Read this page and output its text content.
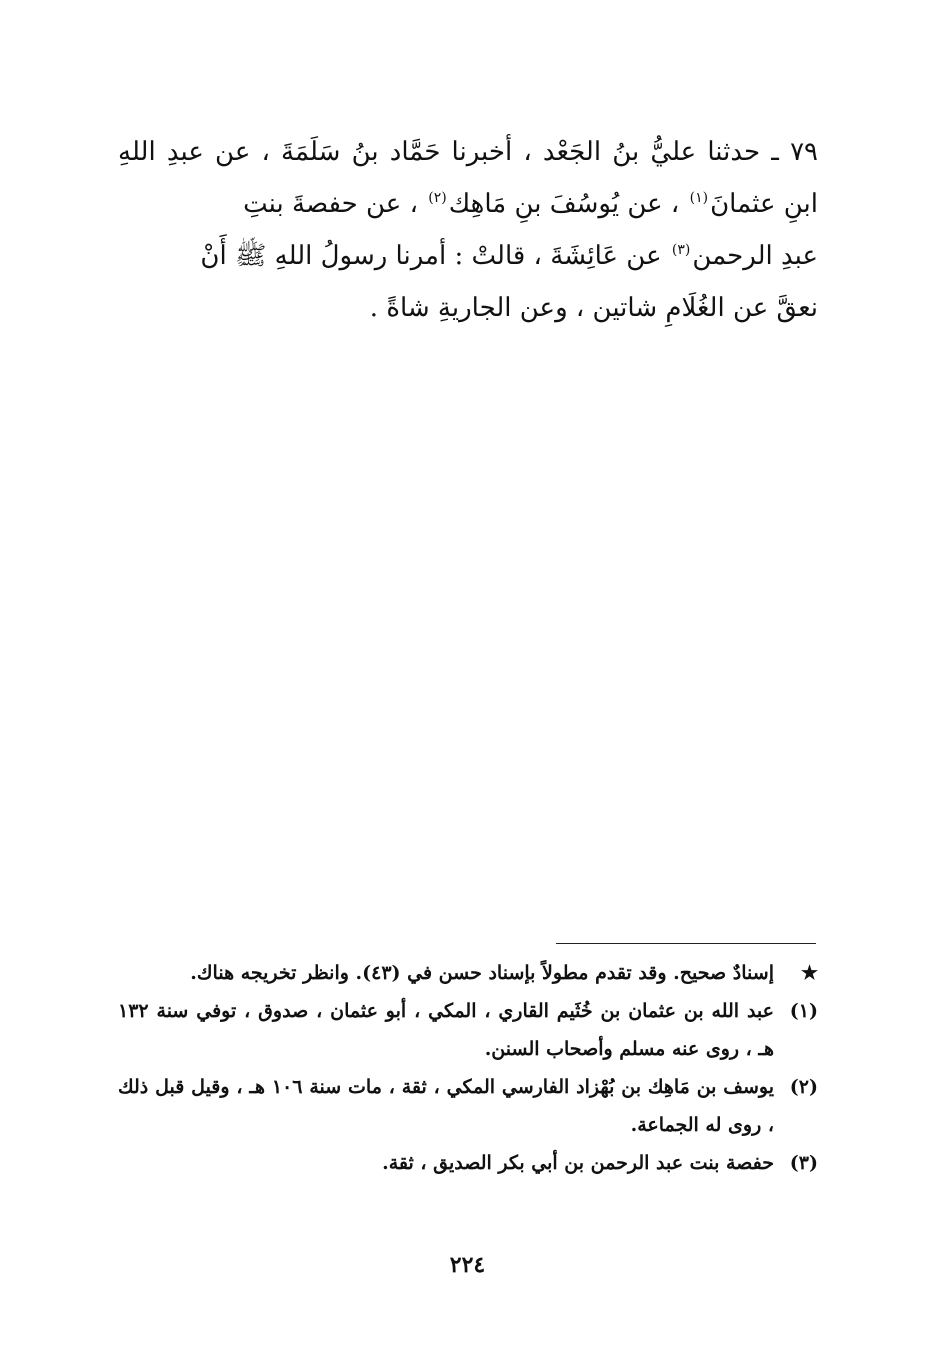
٧٩ ـ حدثنا عليُّ بنُ الجَعْد ، أخبرنا حَمَّاد بنُ سَلَمَةَ ، عن عبدِ اللهِ
ابنِ عثمانَ$^{(١)}$ ، عن يُوسُفَ بنِ مَاهِك$^{(٢)}$ ، عن حفصةَ بنتِ
عبدِ الرحمن$^{(٣)}$ عن عَائِشَةَ ، قالتْ : أمرنا رسولُ اللهِ ﷺ أَنْ
نعقَّ عن الغُلَامِ شاتين ، وعن الجاريةِ شاةً .
★
إسنادٌ صحيح. وقد تقدم مطولاً بإسناد حسن في (٤٣). وانظر تخريجه هناك.
(١)
عبد الله بن عثمان بن خُثَيم القاري ، المكي ، أبو عثمان ، صدوق ، توفي سنة ١٣٢ هـ ، روى عنه مسلم وأصحاب السنن.
(٢)
يوسف بن مَاهِك بن بُهْزاد الفارسي المكي ، ثقة ، مات سنة ١٠٦ هـ ، وقيل قبل ذلك ، روى له الجماعة.
(٣)
حفصة بنت عبد الرحمن بن أبي بكر الصديق ، ثقة.
٢٢٤
